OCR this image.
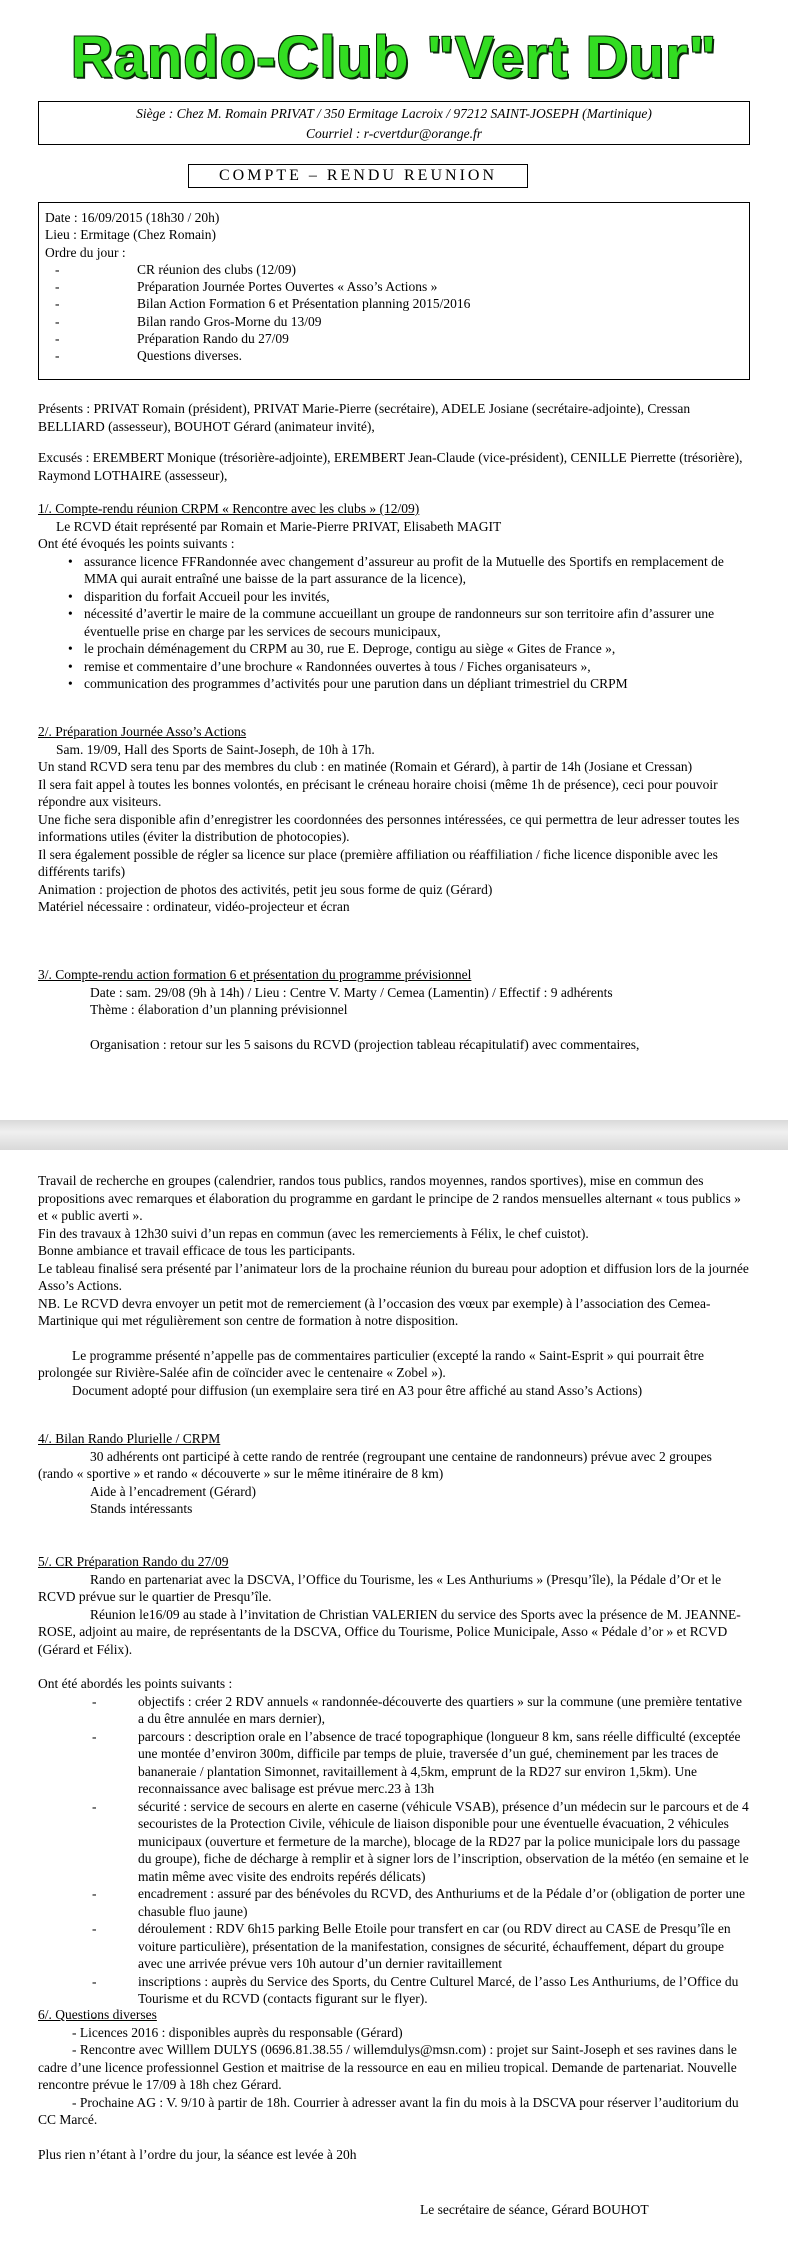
Rando-Club "Vert Dur"
Siège : Chez M. Romain PRIVAT / 350 Ermitage Lacroix / 97212 SAINT-JOSEPH (Martinique)
Courriel : r-cvertdur@orange.fr
COMPTE – RENDU REUNION
Date : 16/09/2015 (18h30 / 20h)
Lieu : Ermitage (Chez Romain)
Ordre du jour :
-	CR réunion des clubs (12/09)
-	Préparation Journée Portes Ouvertes « Asso’s Actions »
-	Bilan Action Formation 6 et Présentation planning 2015/2016
-	Bilan rando Gros-Morne du 13/09
-	Préparation Rando du 27/09
-	Questions diverses.
Présents : PRIVAT Romain (président), PRIVAT Marie-Pierre (secrétaire), ADELE Josiane (secrétaire-adjointe), Cressan BELLIARD (assesseur), BOUHOT Gérard (animateur invité),
Excusés : EREMBERT Monique (trésorière-adjointe), EREMBERT Jean-Claude (vice-président), CENILLE Pierrette (trésorière), Raymond LOTHAIRE (assesseur),

1/. Compte-rendu réunion CRPM « Rencontre avec les clubs » (12/09)

Le RCVD était représenté par Romain et Marie-Pierre PRIVAT, Elisabeth MAGIT

Ont été évoqués les points suivants :

• assurance licence FFRandonnée avec changement d’assureur au profit de la Mutuelle des Sportifs en remplacement de MMA qui aurait entraîné une baisse de la part assurance de la licence),
• disparition du forfait Accueil pour les invités,
• nécessité d’avertir le maire de la commune accueillant un groupe de randonneurs sur son territoire afin d’assurer une éventuelle prise en charge par les services de secours municipaux,
• le prochain déménagement du CRPM au 30, rue E. Deproge, contigu au siège « Gites de France »,
• remise et commentaire d’une brochure « Randonnées ouvertes à tous / Fiches organisateurs »,
• communication des programmes d’activités pour une parution dans un dépliant trimestriel du CRPM

2/. Préparation Journée Asso’s Actions

Sam. 19/09, Hall des Sports de Saint-Joseph, de 10h à 17h.

Un stand RCVD sera tenu par des membres du club : en matinée (Romain et Gérard), à partir de 14h (Josiane et Cressan)

Il sera fait appel à toutes les bonnes volontés, en précisant le créneau horaire choisi (même 1h de présence), ceci pour pouvoir répondre aux visiteurs.

Une fiche sera disponible afin d’enregistrer les coordonnées des personnes intéressées, ce qui permettra de leur adresser toutes les informations utiles (éviter la distribution de photocopies).

Il sera également possible de régler sa licence sur place (première affiliation ou réaffiliation / fiche licence disponible avec les différents tarifs)

Animation : projection de photos des activités, petit jeu sous forme de quiz (Gérard)

Matériel nécessaire : ordinateur, vidéo-projecteur et écran

3/. Compte-rendu action formation 6 et présentation du programme prévisionnel

Date : sam. 29/08 (9h à 14h) / Lieu : Centre V. Marty / Cemea (Lamentin) / Effectif : 9 adhérents

Thème : élaboration d’un planning prévisionnel

Organisation : retour sur les 5 saisons du RCVD (projection tableau récapitulatif) avec commentaires,

Travail de recherche en groupes (calendrier, randos tous publics, randos moyennes, randos sportives), mise en commun des propositions avec remarques et élaboration du programme en gardant le principe de 2 randos mensuelles alternant « tous publics » et « public averti ».

Fin des travaux à 12h30 suivi d’un repas en commun (avec les remerciements à Félix, le chef cuistot).

Bonne ambiance et travail efficace de tous les participants.

Le tableau finalisé sera présenté par l’animateur lors de la prochaine réunion du bureau pour adoption et diffusion lors de la journée Asso’s Actions.

NB. Le RCVD devra envoyer un petit mot de remerciement (à l’occasion des vœux par exemple) à l’association des Cemea-Martinique qui met régulièrement son centre de formation à notre disposition.

Le programme présenté n’appelle pas de commentaires particulier (excepté la rando « Saint-Esprit » qui pourrait être prolongée sur Rivière-Salée afin de coïncider avec le centenaire « Zobel »).

Document adopté pour diffusion (un exemplaire sera tiré en A3 pour être affiché au stand Asso’s Actions)

4/. Bilan Rando Plurielle / CRPM

30 adhérents ont participé à cette rando de rentrée (regroupant une centaine de randonneurs) prévue avec 2 groupes (rando « sportive » et rando « découverte » sur le même itinéraire de 8 km)

Aide à l’encadrement (Gérard)

Stands intéressants

5/. CR Préparation Rando du 27/09

Rando en partenariat avec la DSCVA, l’Office du Tourisme, les « Les Anthuriums » (Presqu’île), la Pédale d’Or et le RCVD prévue sur le quartier de Presqu’île.

Réunion le16/09 au stade à l’invitation de Christian VALERIEN du service des Sports avec la présence de M. JEANNE-ROSE, adjoint au maire, de représentants de la DSCVA, Office du Tourisme, Police Municipale, Asso « Pédale d’or » et RCVD (Gérard et Félix).

Ont été abordés les points suivants :

- objectifs : créer 2 RDV annuels « randonnée-découverte des quartiers » sur la commune (une première tentative a du être annulée en mars dernier),
- parcours : description orale en l’absence de tracé topographique (longueur 8 km, sans réelle difficulté (exceptée une montée d’environ 300m, difficile par temps de pluie, traversée d’un gué, cheminement par les traces de bananeraie / plantation Simonnet, ravitaillement à 4,5km, emprunt de la RD27 sur environ 1,5km). Une reconnaissance avec balisage est prévue merc.23 à 13h
- sécurité : service de secours en alerte en caserne (véhicule VSAB), présence d’un médecin sur le parcours et de 4 secouristes de la Protection Civile, véhicule de liaison disponible pour une éventuelle évacuation, 2 véhicules municipaux (ouverture et fermeture de la marche), blocage de la RD27 par la police municipale lors du passage du groupe), fiche de décharge à remplir et à signer lors de l’inscription, observation de la météo (en semaine et le matin même avec visite des endroits repérés délicats)
- encadrement : assuré par des bénévoles du RCVD, des Anthuriums et de la Pédale d’or (obligation de porter une chasuble fluo jaune)
- déroulement : RDV 6h15 parking Belle Etoile pour transfert en car (ou RDV direct au CASE de Presqu’île en voiture particulière), présentation de la manifestation, consignes de sécurité, échauffement, départ du groupe avec une arrivée prévue vers 10h autour d’un dernier ravitaillement
- inscriptions : auprès du Service des Sports, du Centre Culturel Marcé, de l’asso Les Anthuriums, de l’Office du Tourisme et du RCVD (contacts figurant sur le flyer).
-

6/. Questions diverses

- Licences 2016 : disponibles auprès du responsable (Gérard)

- Rencontre avec Willlem DULYS (0696.81.38.55 / willemdulys@msn.com) : projet sur Saint-Joseph et ses ravines dans le cadre d’une licence professionnel Gestion et maitrise de la ressource en eau en milieu tropical. Demande de partenariat. Nouvelle rencontre prévue le 17/09 à 18h chez Gérard.

- Prochaine AG : V. 9/10 à partir de 18h. Courrier à adresser avant la fin du mois à la DSCVA pour réserver l’auditorium du CC Marcé.

Plus rien n’étant à l’ordre du jour, la séance est levée à 20h

Le secrétaire de séance, Gérard BOUHOT
